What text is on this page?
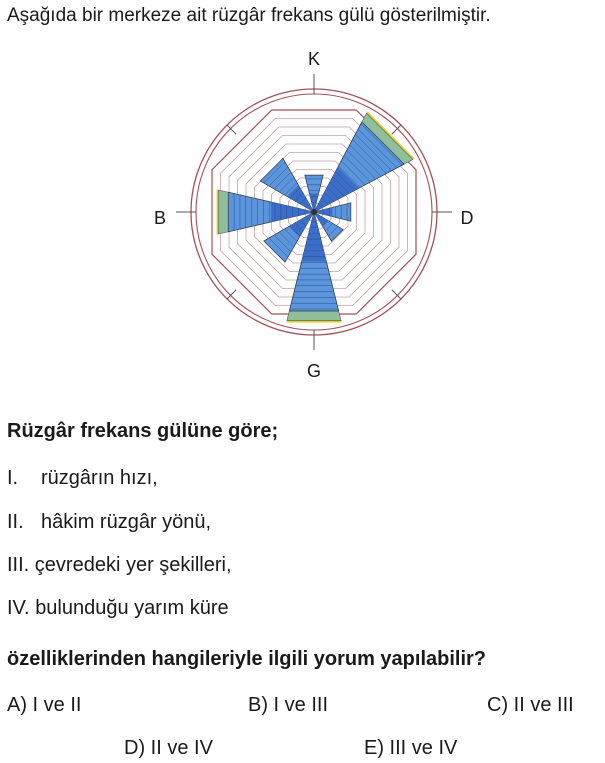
Aşağıda bir merkeze ait rüzgâr frekans gülü gösterilmiştir.
K
D
G
B
Rüzgâr frekans gülüne göre;
I. rüzgârın hızı,
II. hâkim rüzgâr yönü,
III. çevredeki yer şekilleri,
IV. bulunduğu yarım küre
özelliklerinden hangileriyle ilgili yorum yapılabilir?
A) I ve II	B) I ve III	C) II ve III
D) II ve IV	E) III ve IV
